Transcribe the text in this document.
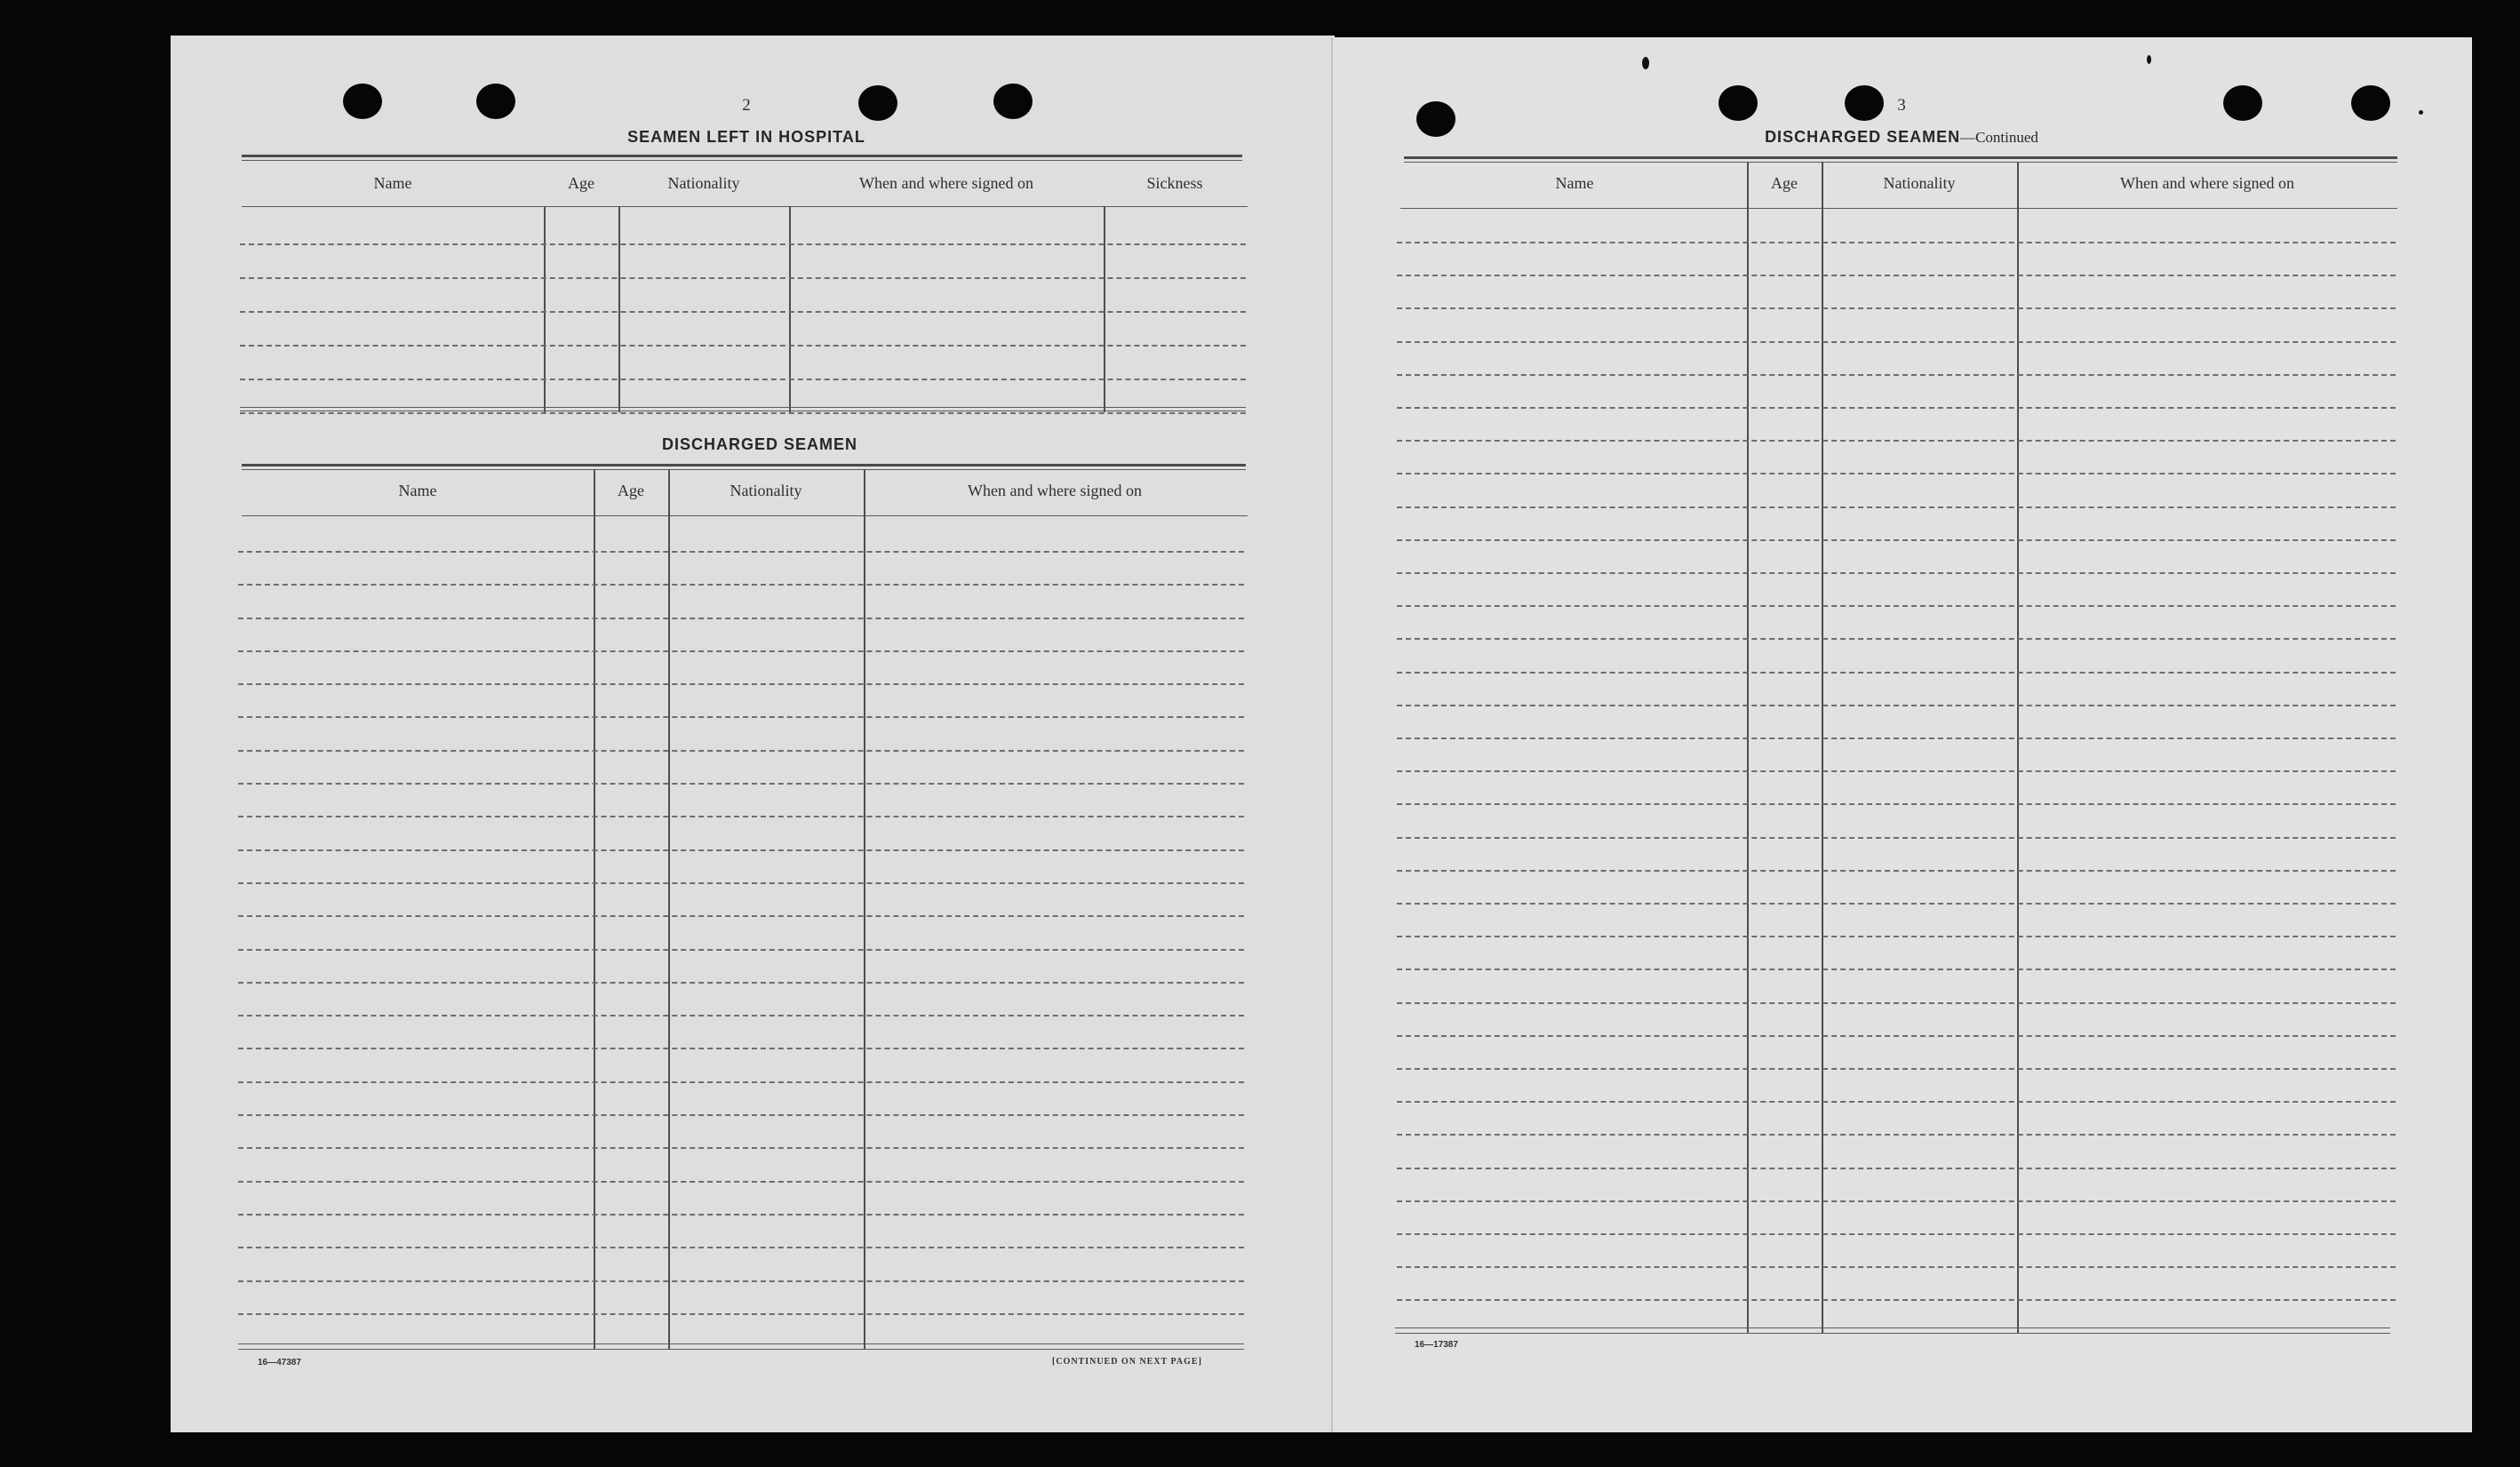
2
SEAMEN LEFT IN HOSPITAL
Name	Age	Nationality	When and where signed on	Sickness
DISCHARGED SEAMEN
Name	Age	Nationality	When and where signed on
16—47387	[CONTINUED ON NEXT PAGE]
3
DISCHARGED SEAMEN—Continued
Name	Age	Nationality	When and where signed on
16—17387
